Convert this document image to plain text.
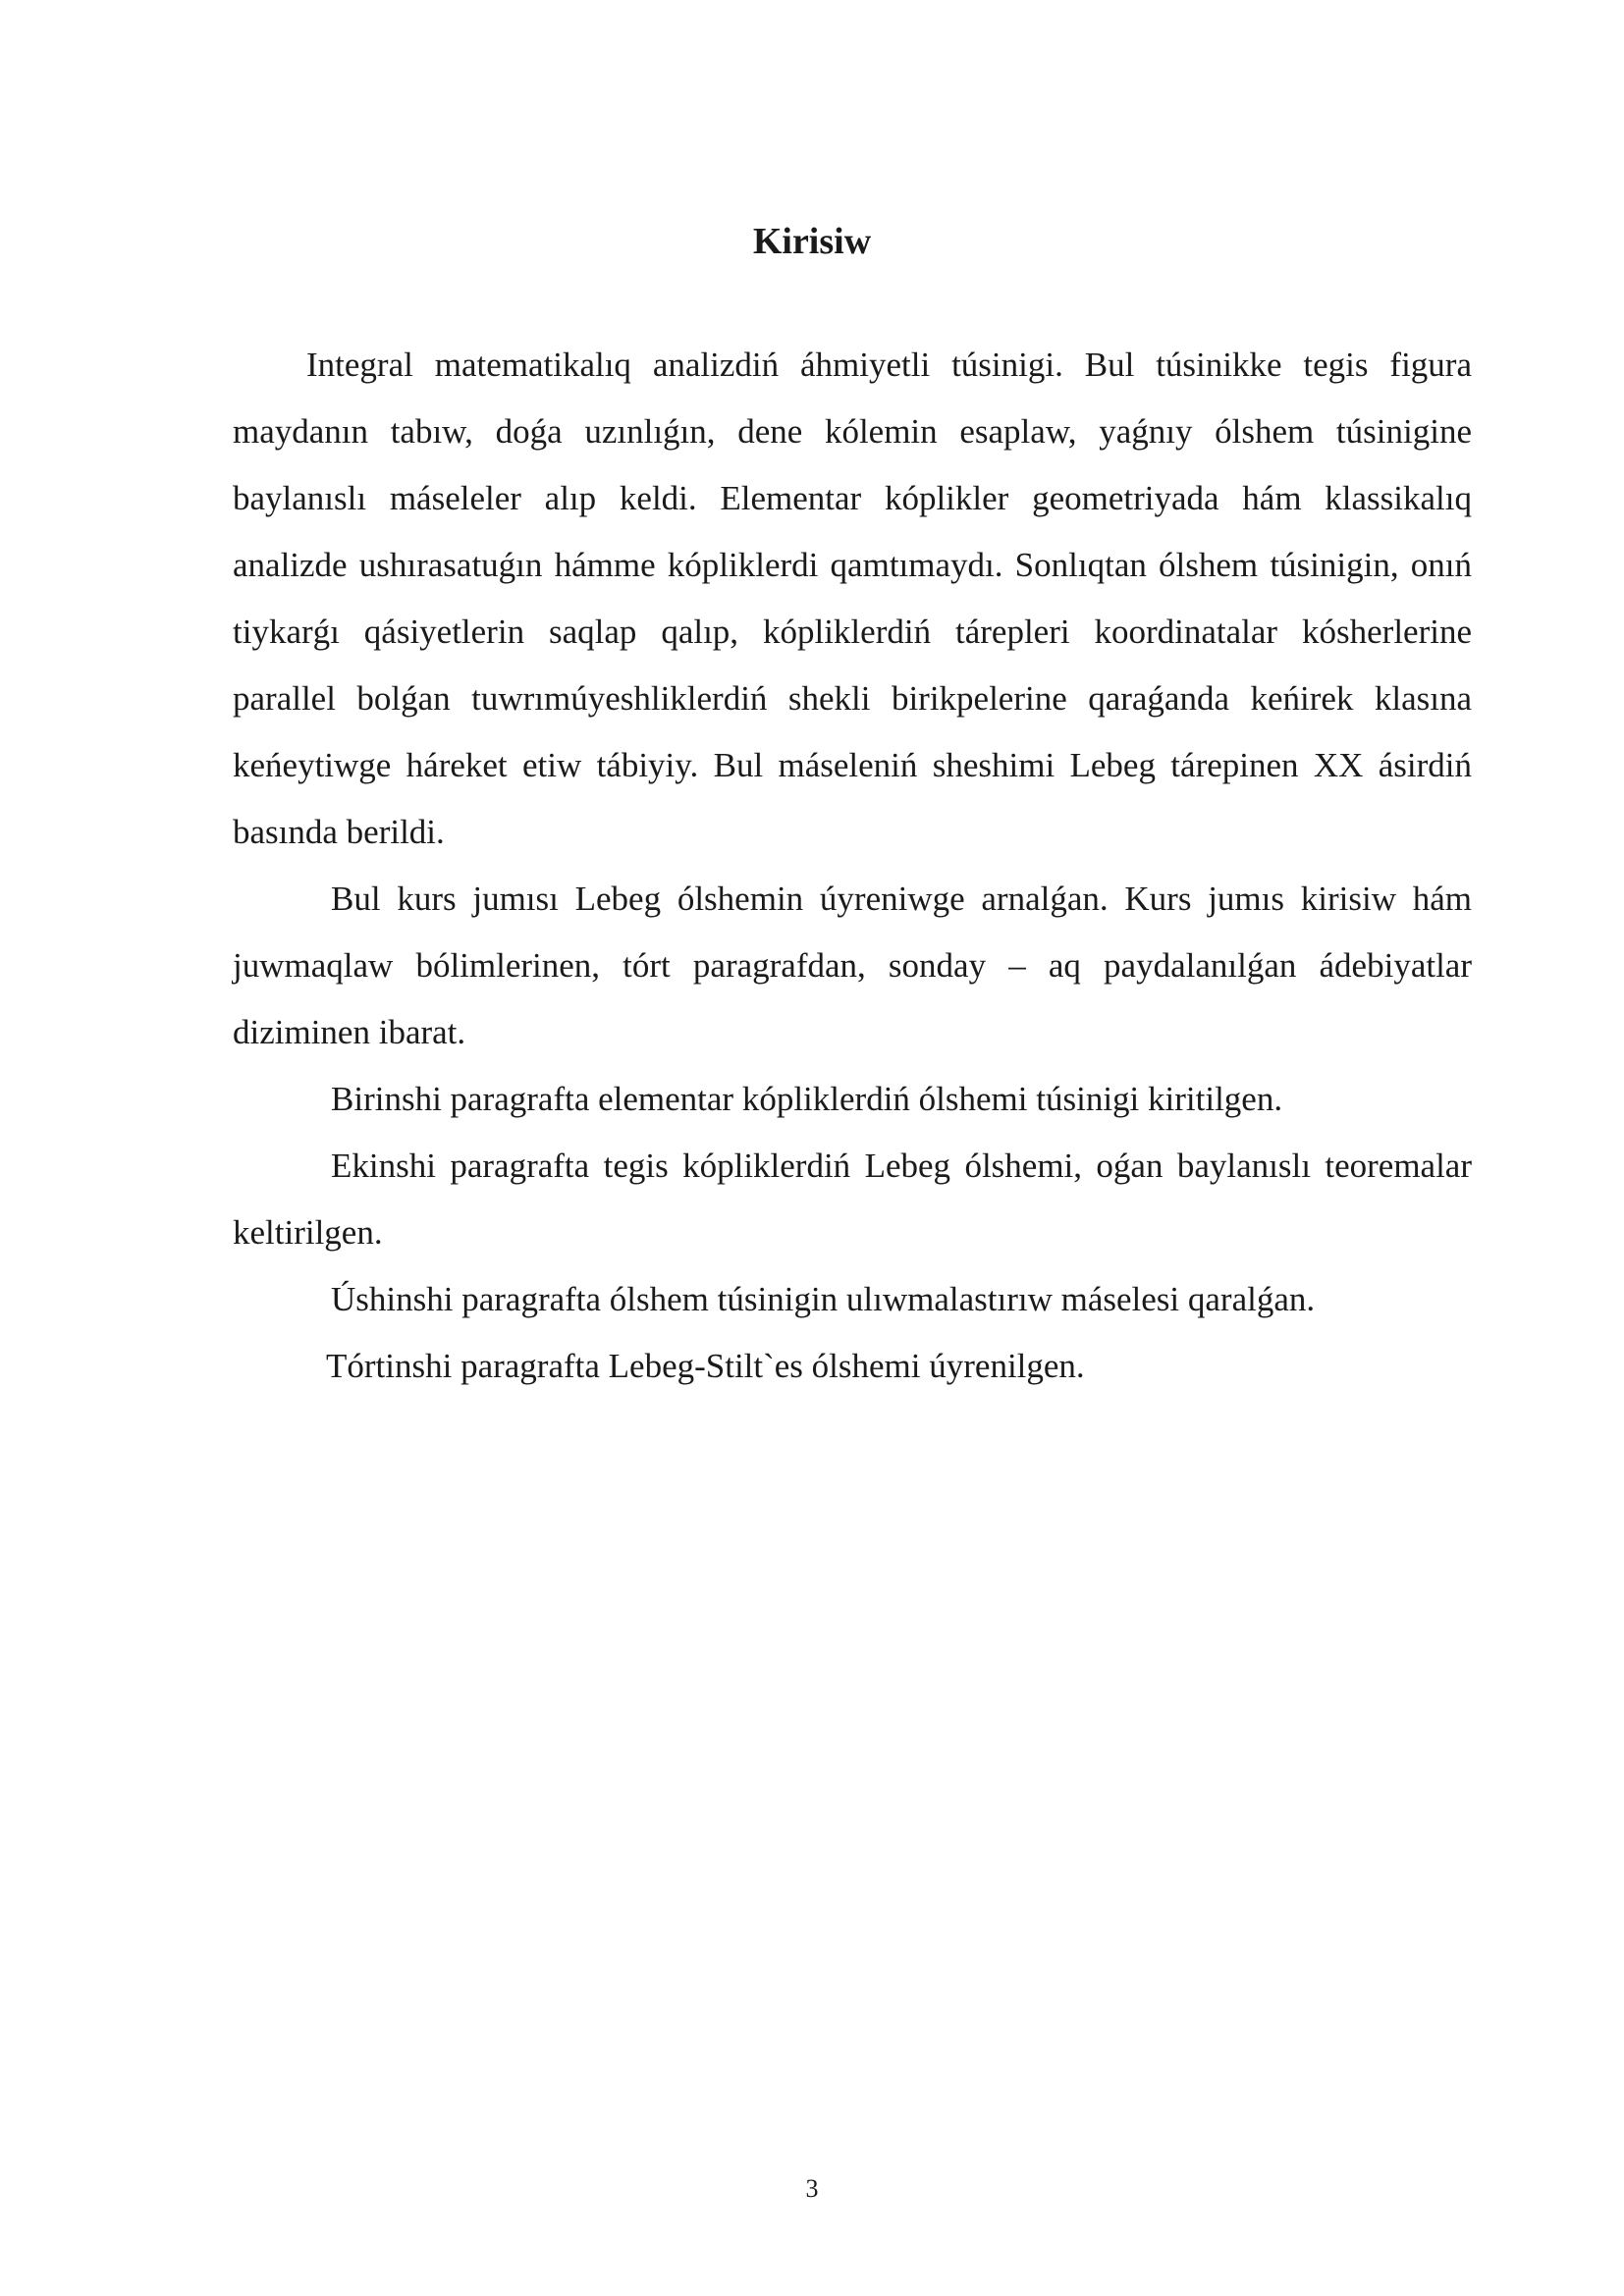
Kirisiw

Integral matematikalıq analizdiń áhmiyetli túsinigi. Bul túsinikke tegis figura maydanın tabıw, doǵa uzınlıǵın, dene kólemin esaplaw, yaǵnıy ólshem túsinigine baylanıslı máseleler alıp keldi. Elementar kóplikler geometriyada hám klassikalıq analizde ushırasatuǵın hámme kópliklerdi qamtımaydı. Sonlıqtan ólshem túsinigin, onıń tiykarǵı qásiyetlerin saqlap qalıp, kópliklerdiń tárepleri koordinatalar kósherlerine parallel bolǵan tuwrımúyeshliklerdiń shekli birikpelerine qaraǵanda keńirek klasına keńeytiwge háreket etiw tábiyiy. Bul máseleniń sheshimi Lebeg tárepinen XX ásirdiń basında berildi.

Bul kurs jumısı Lebeg ólshemin úyreniwge arnalǵan. Kurs jumıs kirisiw hám juwmaqlaw bólimlerinen, tórt paragrafdan, sonday – aq paydalanılǵan ádebiyatlar diziminen ibarat.

Birinshi paragrafta elementar kópliklerdiń ólshemi túsinigi kiritilgen.

Ekinshi paragrafta tegis kópliklerdiń Lebeg ólshemi, oǵan baylanıslı teoremalar keltirilgen.

Úshinshi paragrafta ólshem túsinigin ulıwmalastırıw máselesi qaralǵan.

Tórtinshi paragrafta Lebeg-Stilt`es ólshemi úyrenilgen.

3
